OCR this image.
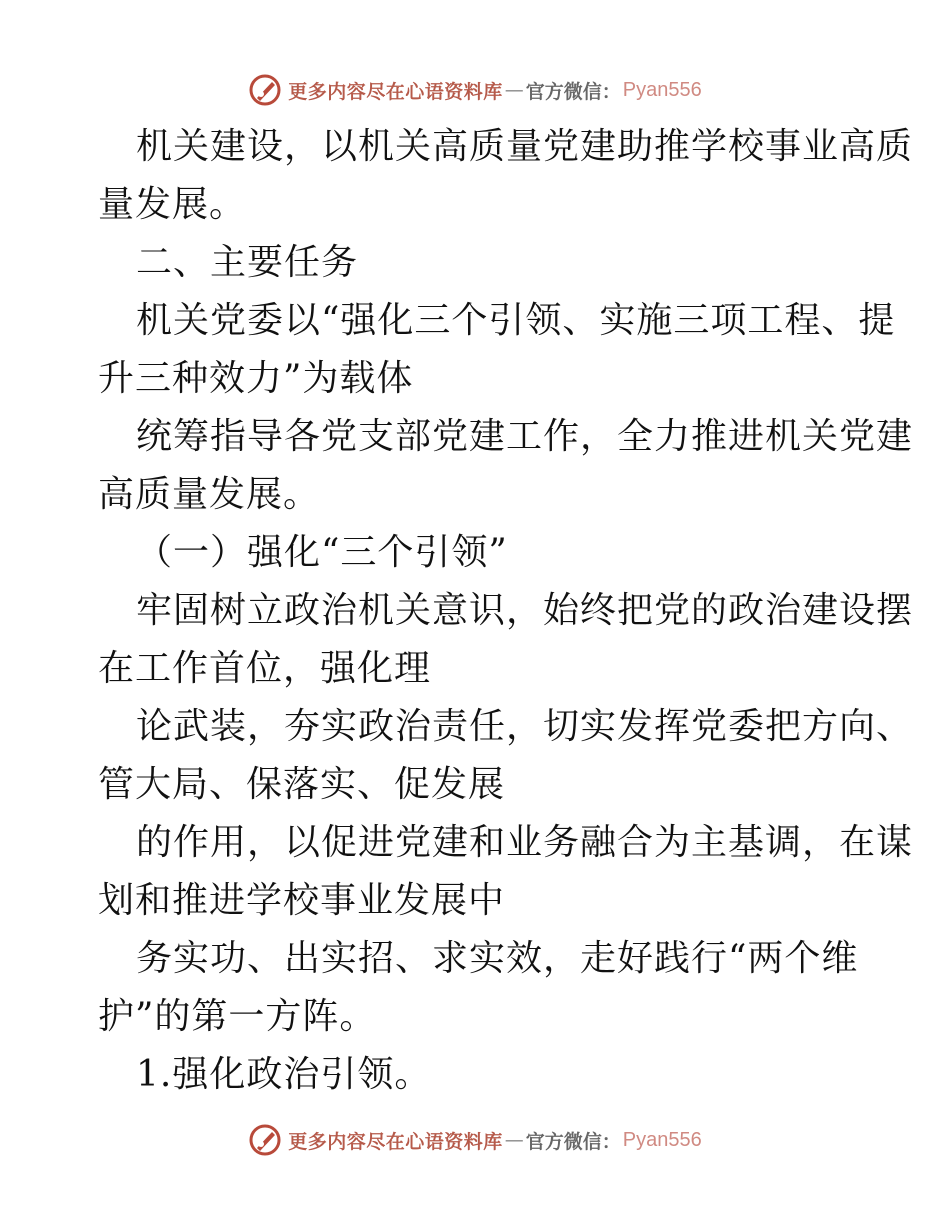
更多内容尽在心语资料库 — 官方微信： Pyan556
机关建设，以机关高质量党建助推学校事业高质
量发展。
二、主要任务
机关党委以“强化三个引领、实施三项工程、提
升三种效力”为载体
统筹指导各党支部党建工作，全力推进机关党建
高质量发展。
（一）强化“三个引领”
牢固树立政治机关意识，始终把党的政治建设摆
在工作首位，强化理
论武装，夯实政治责任，切实发挥党委把方向、
管大局、保落实、促发展
的作用，以促进党建和业务融合为主基调，在谋
划和推进学校事业发展中
务实功、出实招、求实效，走好践行“两个维
护”的第一方阵。
1.强化政治引领。
更多内容尽在心语资料库 — 官方微信： Pyan556
